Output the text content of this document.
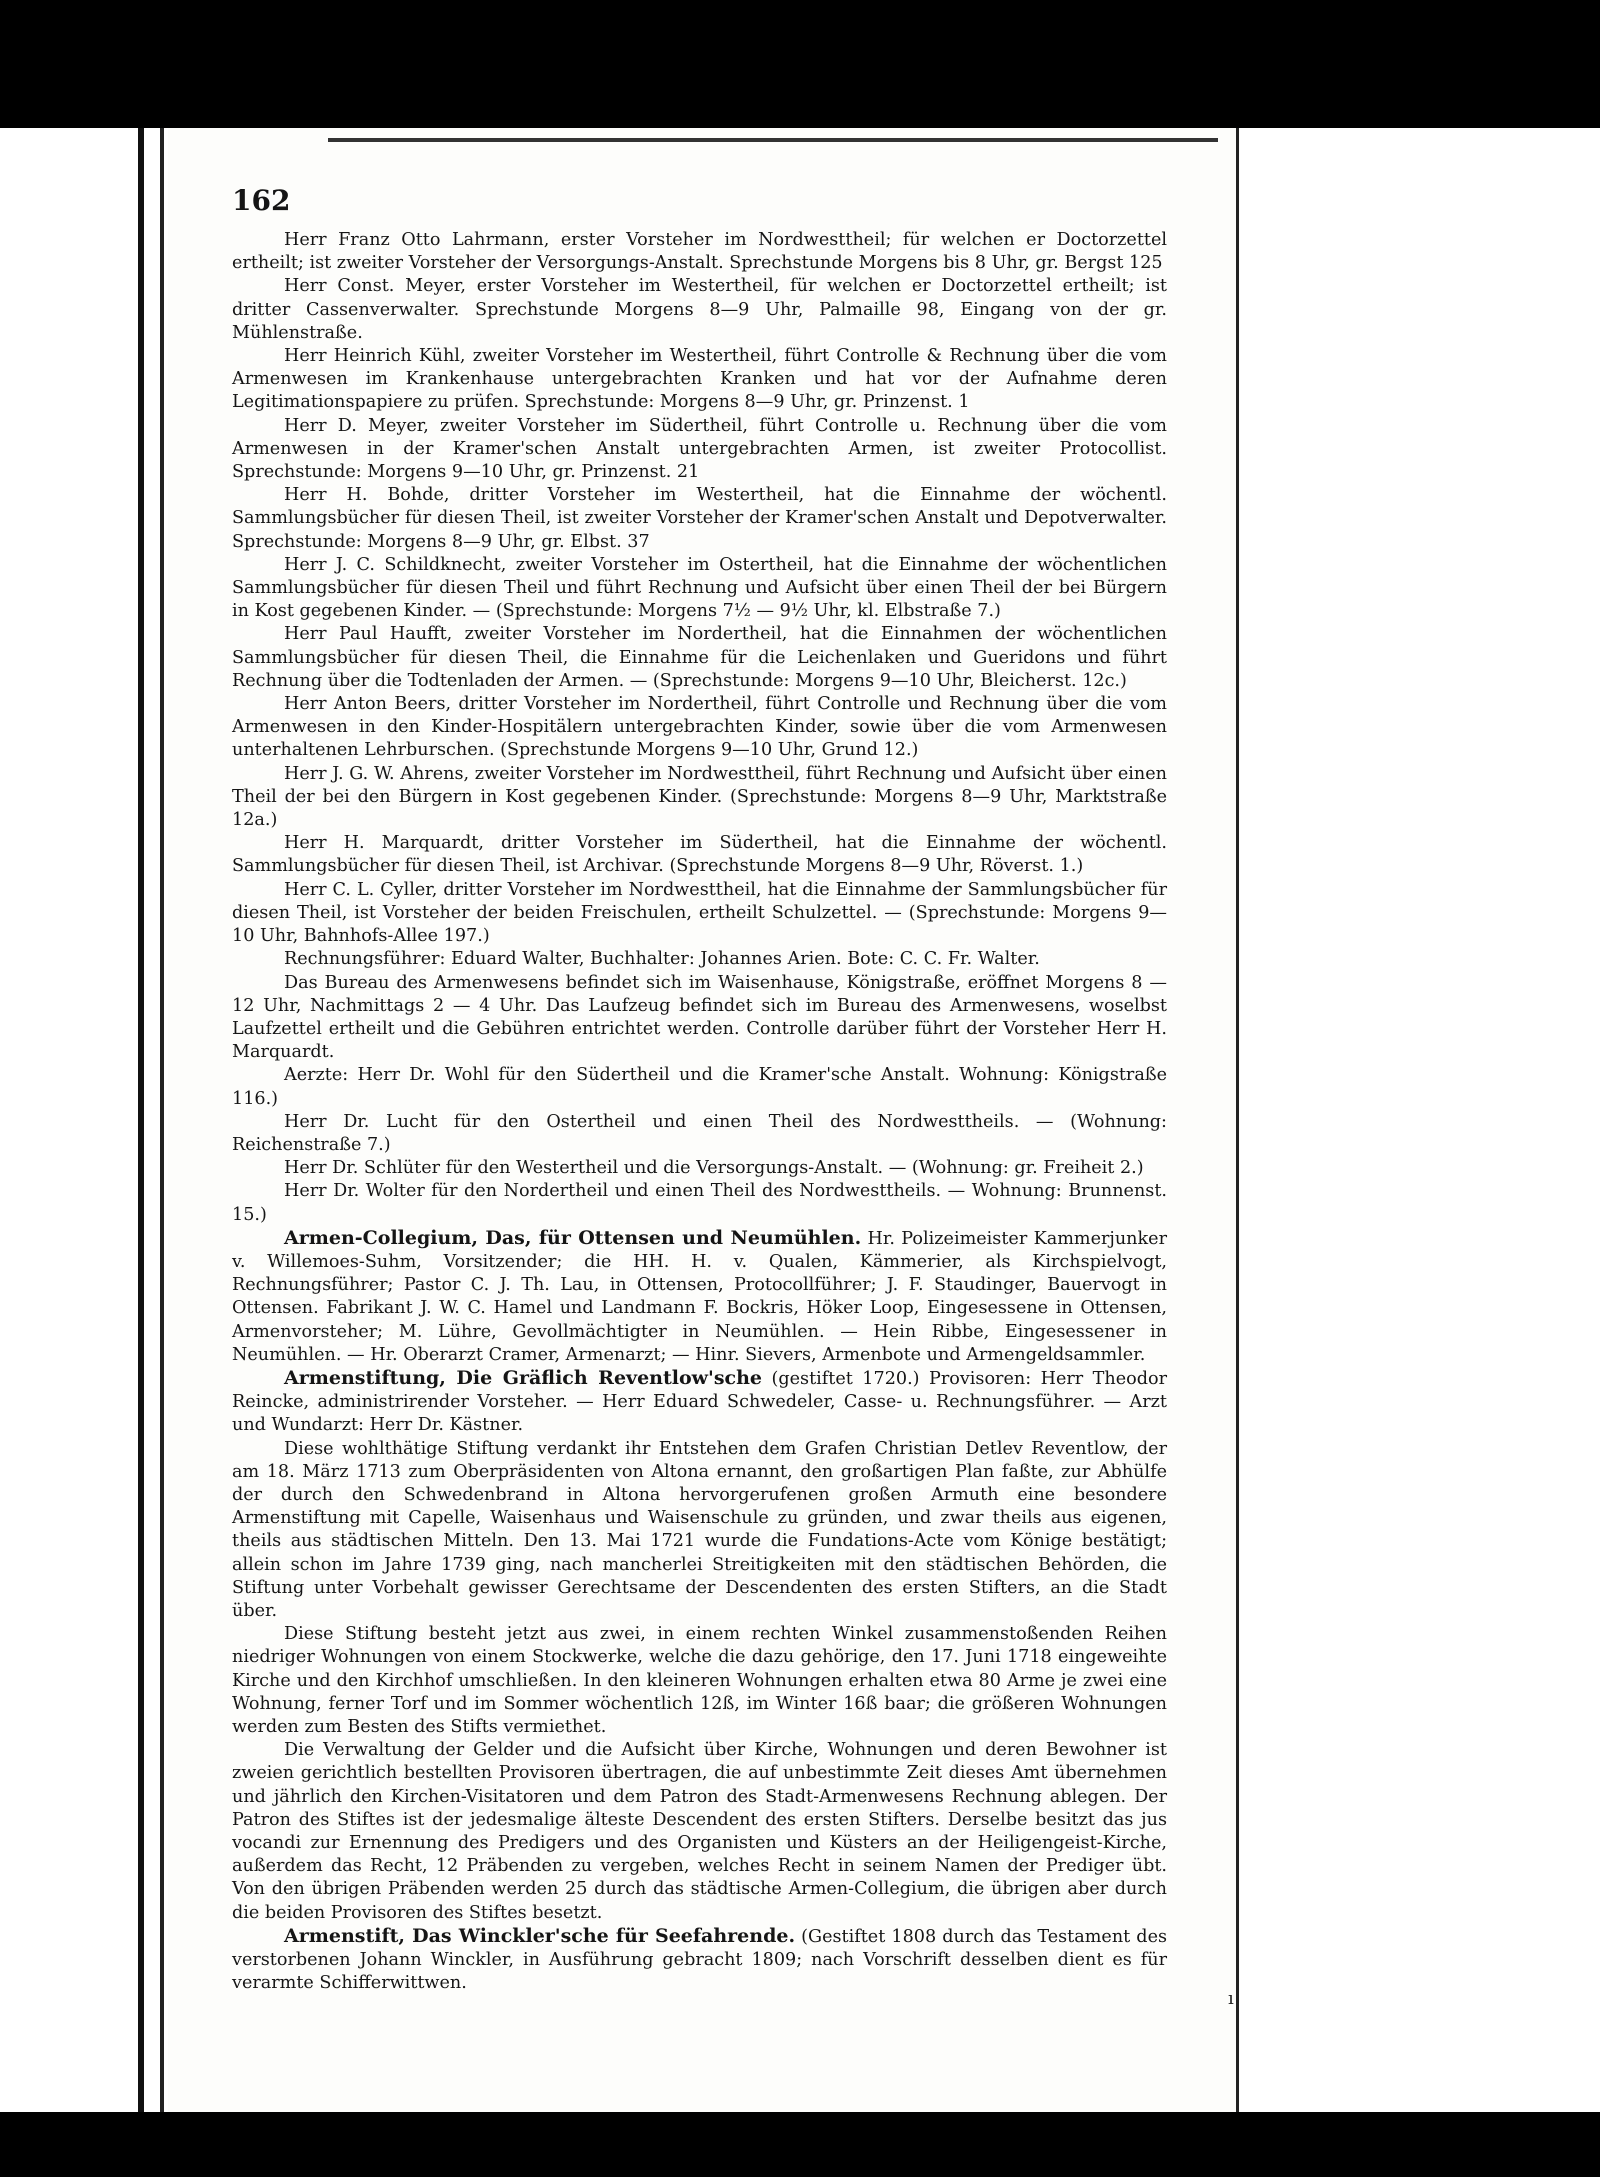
162

Herr Franz Otto Lahrmann, erster Vorsteher im Nordwesttheil; für welchen er Doctorzettel ertheilt; ist zweiter Vorsteher der Versorgungs-Anstalt. Sprechstunde Morgens bis 8 Uhr, gr. Bergst 125

Herr Const. Meyer, erster Vorsteher im Westertheil, für welchen er Doctorzettel ertheilt; ist dritter Cassenverwalter. Sprechstunde Morgens 8—9 Uhr, Palmaille 98, Eingang von der gr. Mühlenstraße.

Herr Heinrich Kühl, zweiter Vorsteher im Westertheil, führt Controlle & Rechnung über die vom Armenwesen im Krankenhause untergebrachten Kranken und hat vor der Aufnahme deren Legitimationspapiere zu prüfen. Sprechstunde: Morgens 8—9 Uhr, gr. Prinzenst. 1

Herr D. Meyer, zweiter Vorsteher im Südertheil, führt Controlle u. Rechnung über die vom Armenwesen in der Kramer'schen Anstalt untergebrachten Armen, ist zweiter Protocollist. Sprechstunde: Morgens 9—10 Uhr, gr. Prinzenst. 21

Herr H. Bohde, dritter Vorsteher im Westertheil, hat die Einnahme der wöchentl. Sammlungsbücher für diesen Theil, ist zweiter Vorsteher der Kramer'schen Anstalt und Depotverwalter. Sprechstunde: Morgens 8—9 Uhr, gr. Elbst. 37

Herr J. C. Schildknecht, zweiter Vorsteher im Ostertheil, hat die Einnahme der wöchentlichen Sammlungsbücher für diesen Theil und führt Rechnung und Aufsicht über einen Theil der bei Bürgern in Kost gegebenen Kinder. — (Sprechstunde: Morgens 7½ — 9½ Uhr, kl. Elbstraße 7.)

Herr Paul Haufft, zweiter Vorsteher im Nordertheil, hat die Einnahmen der wöchentlichen Sammlungsbücher für diesen Theil, die Einnahme für die Leichenlaken und Gueridons und führt Rechnung über die Todtenladen der Armen. — (Sprechstunde: Morgens 9—10 Uhr, Bleicherst. 12c.)

Herr Anton Beers, dritter Vorsteher im Nordertheil, führt Controlle und Rechnung über die vom Armenwesen in den Kinder-Hospitälern untergebrachten Kinder, sowie über die vom Armenwesen unterhaltenen Lehrburschen. (Sprechstunde Morgens 9—10 Uhr, Grund 12.)

Herr J. G. W. Ahrens, zweiter Vorsteher im Nordwesttheil, führt Rechnung und Aufsicht über einen Theil der bei den Bürgern in Kost gegebenen Kinder. (Sprechstunde: Morgens 8—9 Uhr, Marktstraße 12a.)

Herr H. Marquardt, dritter Vorsteher im Südertheil, hat die Einnahme der wöchentl. Sammlungsbücher für diesen Theil, ist Archivar. (Sprechstunde Morgens 8—9 Uhr, Röverst. 1.)

Herr C. L. Cyller, dritter Vorsteher im Nordwesttheil, hat die Einnahme der Sammlungsbücher für diesen Theil, ist Vorsteher der beiden Freischulen, ertheilt Schulzettel. — (Sprechstunde: Morgens 9—10 Uhr, Bahnhofs-Allee 197.)

Rechnungsführer: Eduard Walter, Buchhalter: Johannes Arien. Bote: C. C. Fr. Walter.

Das Bureau des Armenwesens befindet sich im Waisenhause, Königstraße, eröffnet Morgens 8 — 12 Uhr, Nachmittags 2 — 4 Uhr. Das Laufzeug befindet sich im Bureau des Armenwesens, woselbst Laufzettel ertheilt und die Gebühren entrichtet werden. Controlle darüber führt der Vorsteher Herr H. Marquardt.

Aerzte: Herr Dr. Wohl für den Südertheil und die Kramer'sche Anstalt. Wohnung: Königstraße 116.)

Herr Dr. Lucht für den Ostertheil und einen Theil des Nordwesttheils. — (Wohnung: Reichenstraße 7.)

Herr Dr. Schlüter für den Westertheil und die Versorgungs-Anstalt. — (Wohnung: gr. Freiheit 2.)

Herr Dr. Wolter für den Nordertheil und einen Theil des Nordwesttheils. — Wohnung: Brunnenst. 15.)

Armen-Collegium, Das, für Ottensen und Neumühlen. Hr. Polizeimeister Kammerjunker v. Willemoes-Suhm, Vorsitzender; die HH. H. v. Qualen, Kämmerier, als Kirchspielvogt, Rechnungsführer; Pastor C. J. Th. Lau, in Ottensen, Protocollführer; J. F. Staudinger, Bauervogt in Ottensen. Fabrikant J. W. C. Hamel und Landmann F. Bockris, Höker Loop, Eingesessene in Ottensen, Armenvorsteher; M. Lühre, Gevollmächtigter in Neumühlen. — Hein Ribbe, Eingesessener in Neumühlen. — Hr. Oberarzt Cramer, Armenarzt; — Hinr. Sievers, Armenbote und Armengeldsammler.

Armenstiftung, Die Gräflich Reventlow'sche (gestiftet 1720.) Provisoren: Herr Theodor Reincke, administrirender Vorsteher. — Herr Eduard Schwedeler, Casse- u. Rechnungsführer. — Arzt und Wundarzt: Herr Dr. Kästner.

Diese wohlthätige Stiftung verdankt ihr Entstehen dem Grafen Christian Detlev Reventlow, der am 18. März 1713 zum Oberpräsidenten von Altona ernannt, den großartigen Plan faßte, zur Abhülfe der durch den Schwedenbrand in Altona hervorgerufenen großen Armuth eine besondere Armenstiftung mit Capelle, Waisenhaus und Waisenschule zu gründen, und zwar theils aus eigenen, theils aus städtischen Mitteln. Den 13. Mai 1721 wurde die Fundations-Acte vom Könige bestätigt; allein schon im Jahre 1739 ging, nach mancherlei Streitigkeiten mit den städtischen Behörden, die Stiftung unter Vorbehalt gewisser Gerechtsame der Descendenten des ersten Stifters, an die Stadt über.

Diese Stiftung besteht jetzt aus zwei, in einem rechten Winkel zusammenstoßenden Reihen niedriger Wohnungen von einem Stockwerke, welche die dazu gehörige, den 17. Juni 1718 eingeweihte Kirche und den Kirchhof umschließen. In den kleineren Wohnungen erhalten etwa 80 Arme je zwei eine Wohnung, ferner Torf und im Sommer wöchentlich 12ß, im Winter 16ß baar; die größeren Wohnungen werden zum Besten des Stifts vermiethet.

Die Verwaltung der Gelder und die Aufsicht über Kirche, Wohnungen und deren Bewohner ist zweien gerichtlich bestellten Provisoren übertragen, die auf unbestimmte Zeit dieses Amt übernehmen und jährlich den Kirchen-Visitatoren und dem Patron des Stadt-Armenwesens Rechnung ablegen. Der Patron des Stiftes ist der jedesmalige älteste Descendent des ersten Stifters. Derselbe besitzt das jus vocandi zur Ernennung des Predigers und des Organisten und Küsters an der Heiligengeist-Kirche, außerdem das Recht, 12 Präbenden zu vergeben, welches Recht in seinem Namen der Prediger übt. Von den übrigen Präbenden werden 25 durch das städtische Armen-Collegium, die übrigen aber durch die beiden Provisoren des Stiftes besetzt.

Armenstift, Das Winckler'sche für Seefahrende. (Gestiftet 1808 durch das Testament des verstorbenen Johann Winckler, in Ausführung gebracht 1809; nach Vorschrift desselben dient es für verarmte Schifferwittwen.

ı
